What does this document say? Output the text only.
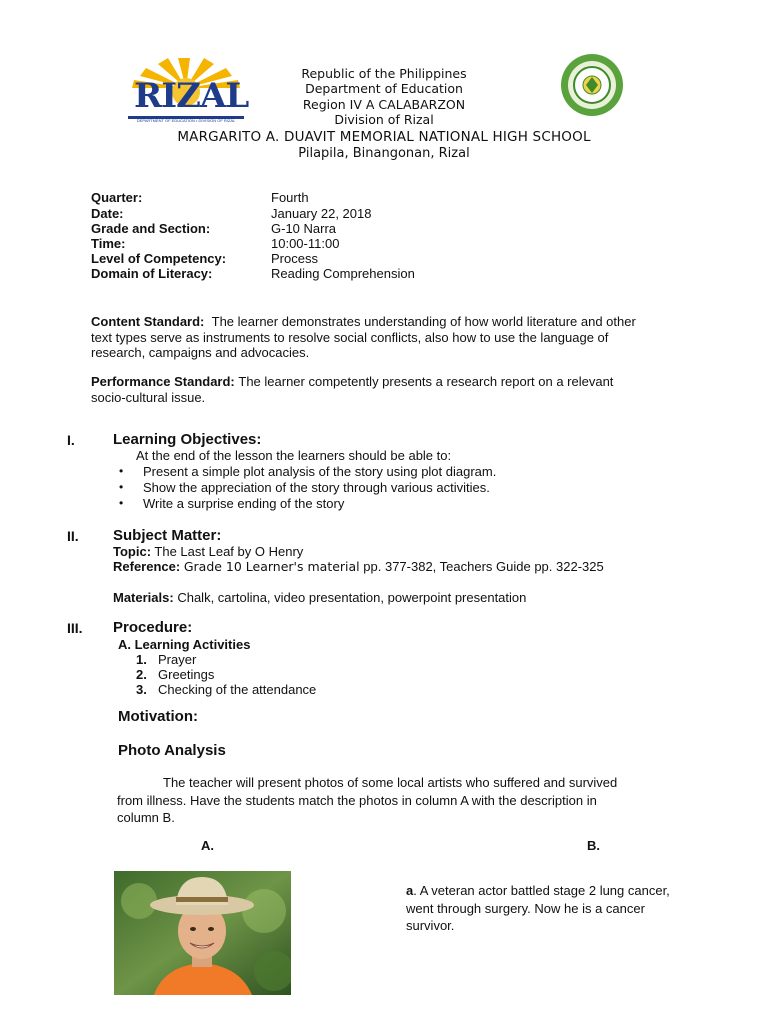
RIZAL
DEPARTMENT OF EDUCATION • DIVISION OF RIZAL
Republic of the Philippines
Department of Education
Region IV A CALABARZON
Division of Rizal
MARGARITO A. DUAVIT MEMORIAL NATIONAL HIGH SCHOOL
Pilapila, Binangonan, Rizal
Quarter:	Fourth
Date:	January 22, 2018
Grade and Section:	G-10 Narra
Time:	10:00-11:00
Level of Competency:	Process
Domain of Literacy:	Reading Comprehension
Content Standard: The learner demonstrates understanding of how world literature and other
text types serve as instruments to resolve social conflicts, also how to use the language of
research, campaigns and advocacies.
Performance Standard: The learner competently presents a research report on a relevant
socio-cultural issue.
I.	Learning Objectives:
At the end of the lesson the learners should be able to:
• Present a simple plot analysis of the story using plot diagram.
• Show the appreciation of the story through various activities.
• Write a surprise ending of the story
II. Subject Matter:
Topic: The Last Leaf by O Henry
Reference: Grade 10 Learner's material pp. 377-382, Teachers Guide pp. 322-325
Materials: Chalk, cartolina, video presentation, powerpoint presentation
III. Procedure:
A. Learning Activities
1. Prayer
2. Greetings
3. Checking of the attendance
Motivation:
Photo Analysis
The teacher will present photos of some local artists who suffered and survived
from illness. Have the students match the photos in column A with the description in
column B.
A.	B.
a. A veteran actor battled stage 2 lung cancer,
went through surgery. Now he is a cancer
survivor.
